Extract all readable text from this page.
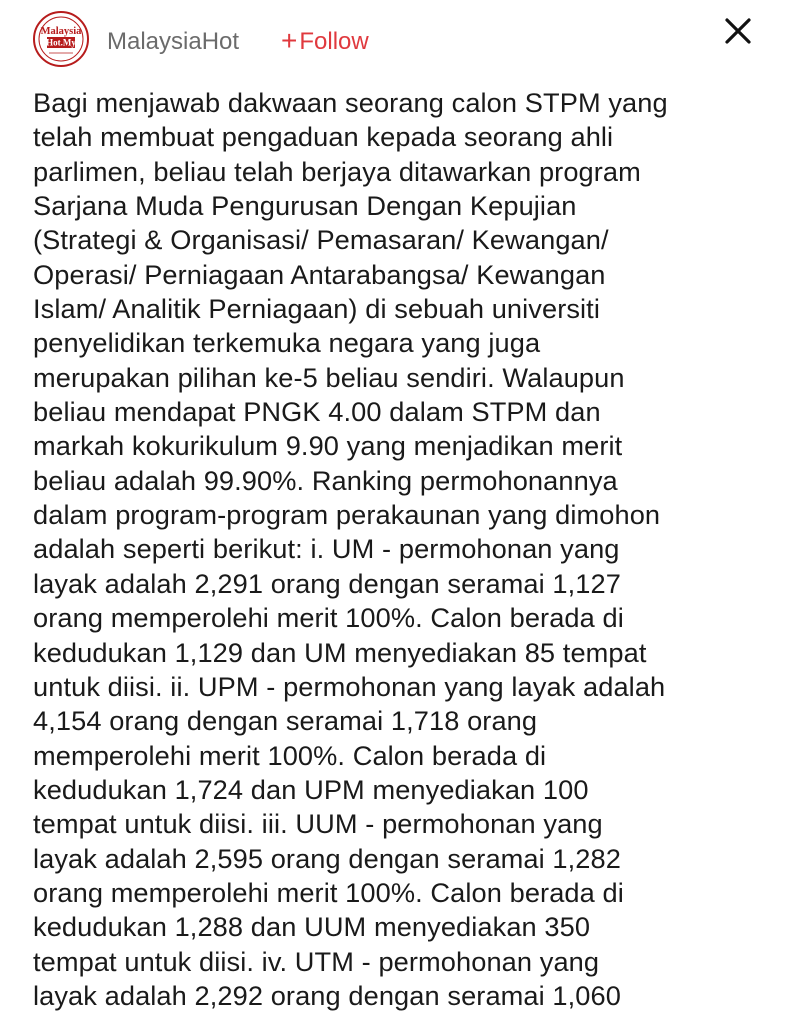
Malaysia
Hot.My MalaysiaHot +Follow
Bagi menjawab dakwaan seorang calon STPM yang
telah membuat pengaduan kepada seorang ahli
parlimen, beliau telah berjaya ditawarkan program
Sarjana Muda Pengurusan Dengan Kepujian
(Strategi & Organisasi/ Pemasaran/ Kewangan/
Operasi/ Perniagaan Antarabangsa/ Kewangan
Islam/ Analitik Perniagaan) di sebuah universiti
penyelidikan terkemuka negara yang juga
merupakan pilihan ke-5 beliau sendiri. Walaupun
beliau mendapat PNGK 4.00 dalam STPM dan
markah kokurikulum 9.90 yang menjadikan merit
beliau adalah 99.90%. Ranking permohonannya
dalam program-program perakaunan yang dimohon
adalah seperti berikut: i. UM - permohonan yang
layak adalah 2,291 orang dengan seramai 1,127
orang memperolehi merit 100%. Calon berada di
kedudukan 1,129 dan UM menyediakan 85 tempat
untuk diisi. ii. UPM - permohonan yang layak adalah
4,154 orang dengan seramai 1,718 orang
memperolehi merit 100%. Calon berada di
kedudukan 1,724 dan UPM menyediakan 100
tempat untuk diisi. iii. UUM - permohonan yang
layak adalah 2,595 orang dengan seramai 1,282
orang memperolehi merit 100%. Calon berada di
kedudukan 1,288 dan UUM menyediakan 350
tempat untuk diisi. iv. UTM - permohonan yang
layak adalah 2,292 orang dengan seramai 1,060
